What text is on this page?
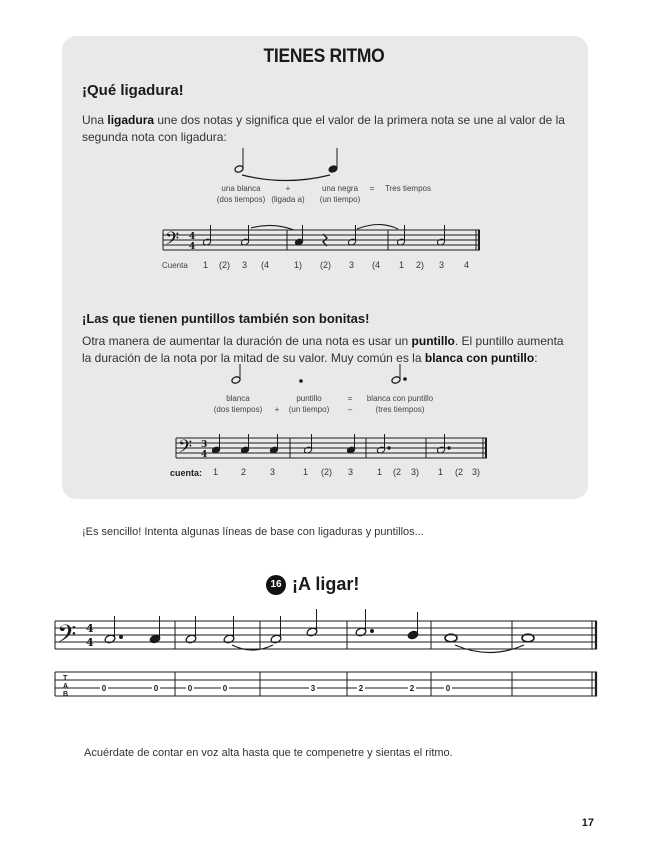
TIENES RITMO
¡Qué ligadura!
Una ligadura une dos notas y significa que el valor de la primera nota se une al valor de la
segunda nota con ligadura:
una blanca
(dos tiempos)
+
(ligada a)
una negra
(un tiempo)
=	Tres tiempos
Cuenta 1 (2) 3 (4	1) (2) 3 (4 1 2) 3 4
¡Las que tienen puntillos también son bonitas!
Otra manera de aumentar la duración de una nota es usar un puntillo. El puntillo aumenta
la duración de la nota por la mitad de su valor. Muy común es la blanca con puntillo:
blanca
(dos tiempos)	+
puntillo
(un tiempo)
=
–
blanca con puntillo
(tres tiempos)
cuenta: 1	2	3	1 (2) 3	1 (2 3) 1 (2 3)
¡Es sencillo! Intenta algunas líneas de base con ligaduras y puntillos...
16 ¡A ligar!
Acuérdate de contar en voz alta hasta que te compenetre y sientas el ritmo.
17
𝄢 4
4
𝄢 3
4
𝄢 4
4
T
A
B
0	0	0	0	3	2	2	0
